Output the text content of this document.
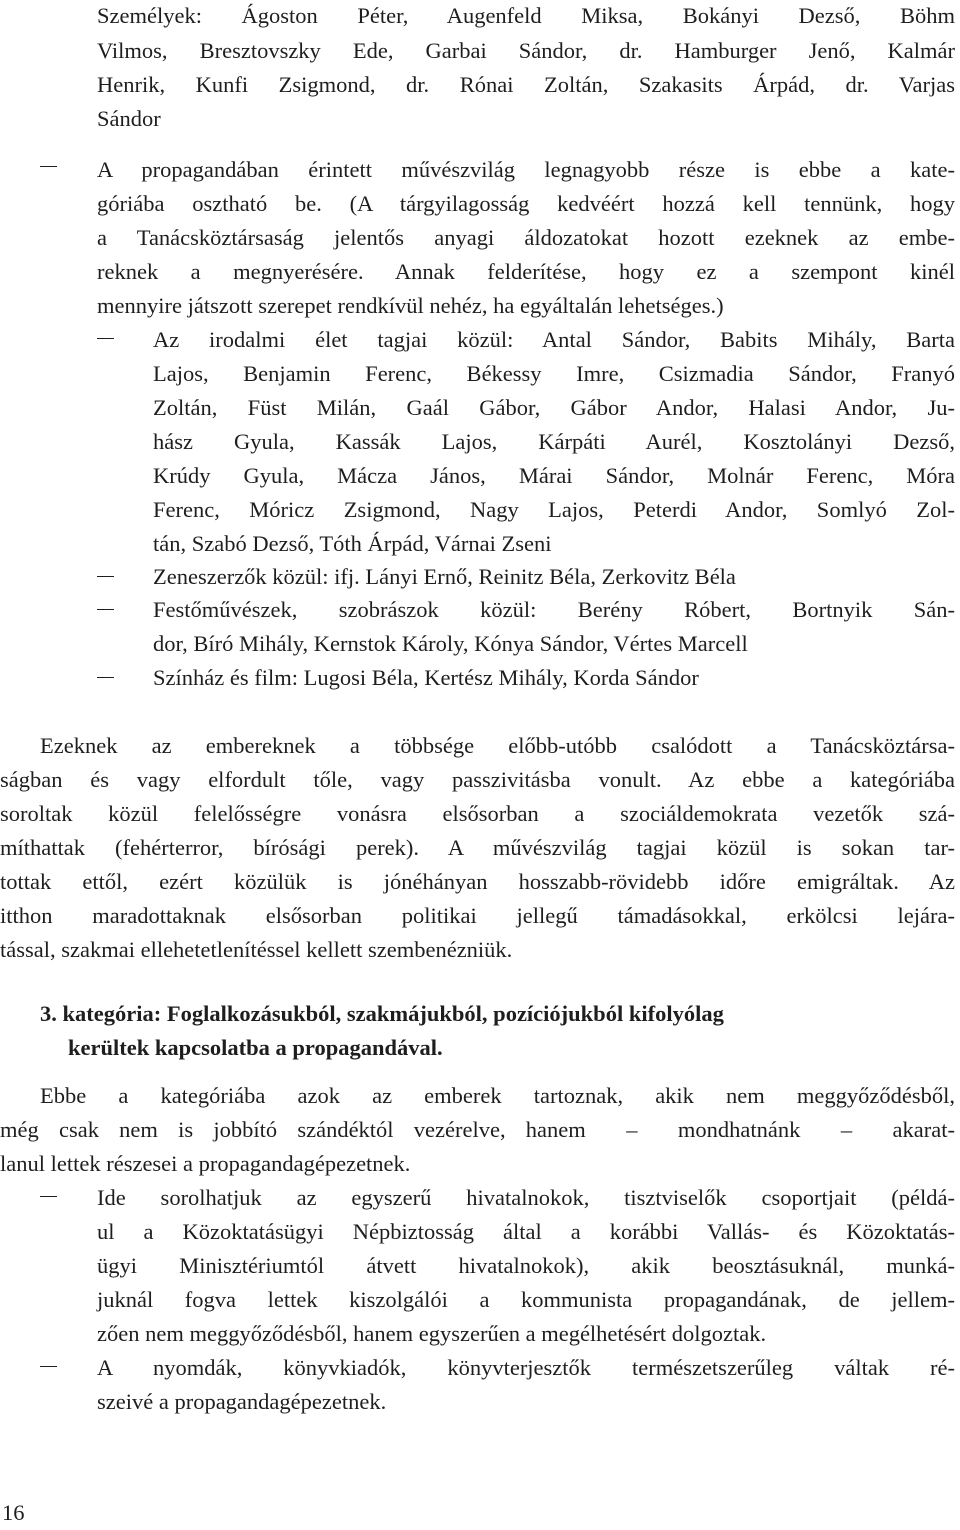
Személyek: Ágoston Péter, Augenfeld Miksa, Bokányi Dezső, Böhm
Vilmos, Bresztovszky Ede, Garbai Sándor, dr. Hamburger Jenő, Kalmár
Henrik, Kunfi Zsigmond, dr. Rónai Zoltán, Szakasits Árpád, dr. Varjas
Sándor
A propagandában érintett művészvilág legnagyobb része is ebbe a kate-
góriába osztható be. (A tárgyilagosság kedvéért hozzá kell tennünk, hogy
a Tanácsköztársaság jelentős anyagi áldozatokat hozott ezeknek az embe-
reknek a megnyerésére. Annak felderítése, hogy ez a szempont kinél
mennyire játszott szerepet rendkívül nehéz, ha egyáltalán lehetséges.)
Az irodalmi élet tagjai közül: Antal Sándor, Babits Mihály, Barta
Lajos, Benjamin Ferenc, Békessy Imre, Csizmadia Sándor, Franyó
Zoltán, Füst Milán, Gaál Gábor, Gábor Andor, Halasi Andor, Ju-
hász Gyula, Kassák Lajos, Kárpáti Aurél, Kosztolányi Dezső,
Krúdy Gyula, Mácza János, Márai Sándor, Molnár Ferenc, Móra
Ferenc, Móricz Zsigmond, Nagy Lajos, Peterdi Andor, Somlyó Zol-
tán, Szabó Dezső, Tóth Árpád, Várnai Zseni
Zeneszerzők közül: ifj. Lányi Ernő, Reinitz Béla, Zerkovitz Béla
Festőművészek, szobrászok közül: Berény Róbert, Bortnyik Sán-
dor, Bíró Mihály, Kernstok Károly, Kónya Sándor, Vértes Marcell
Színház és film: Lugosi Béla, Kertész Mihály, Korda Sándor
Ezeknek az embereknek a többsége előbb-utóbb csalódott a Tanácsköztársa-
ságban és vagy elfordult tőle, vagy passzivitásba vonult. Az ebbe a kategóriába
soroltak közül felelősségre vonásra elsősorban a szociáldemokrata vezetők szá-
míthattak (fehérterror, bírósági perek). A művészvilág tagjai közül is sokan tar-
tottak ettől, ezért közülük is jónéhányan hosszabb-rövidebb időre emigráltak. Az
itthon maradottaknak elsősorban politikai jellegű támadásokkal, erkölcsi lejára-
tással, szakmai ellehetetlenítéssel kellett szembenézniük.
3. kategória: Foglalkozásukból, szakmájukból, pozíciójukból kifolyólag
kerültek kapcsolatba a propagandával.
Ebbe a kategóriába azok az emberek tartoznak, akik nem meggyőződésből,
még csak nem is jobbító szándéktól vezérelve, hanem  –  mondhatnánk  –  akarat-
lanul lettek részesei a propagandagépezetnek.
Ide sorolhatjuk az egyszerű hivatalnokok, tisztviselők csoportjait (példá-
ul a Közoktatásügyi Népbiztosság által a korábbi Vallás- és Közoktatás-
ügyi Minisztériumtól átvett hivatalnokok), akik beosztásuknál, munká-
juknál fogva lettek kiszolgálói a kommunista propagandának, de jellem-
zően nem meggyőződésből, hanem egyszerűen a megélhetésért dolgoztak.
A nyomdák, könyvkiadók, könyvterjesztők természetszerűleg váltak ré-
szeivé a propagandagépezetnek.
16
